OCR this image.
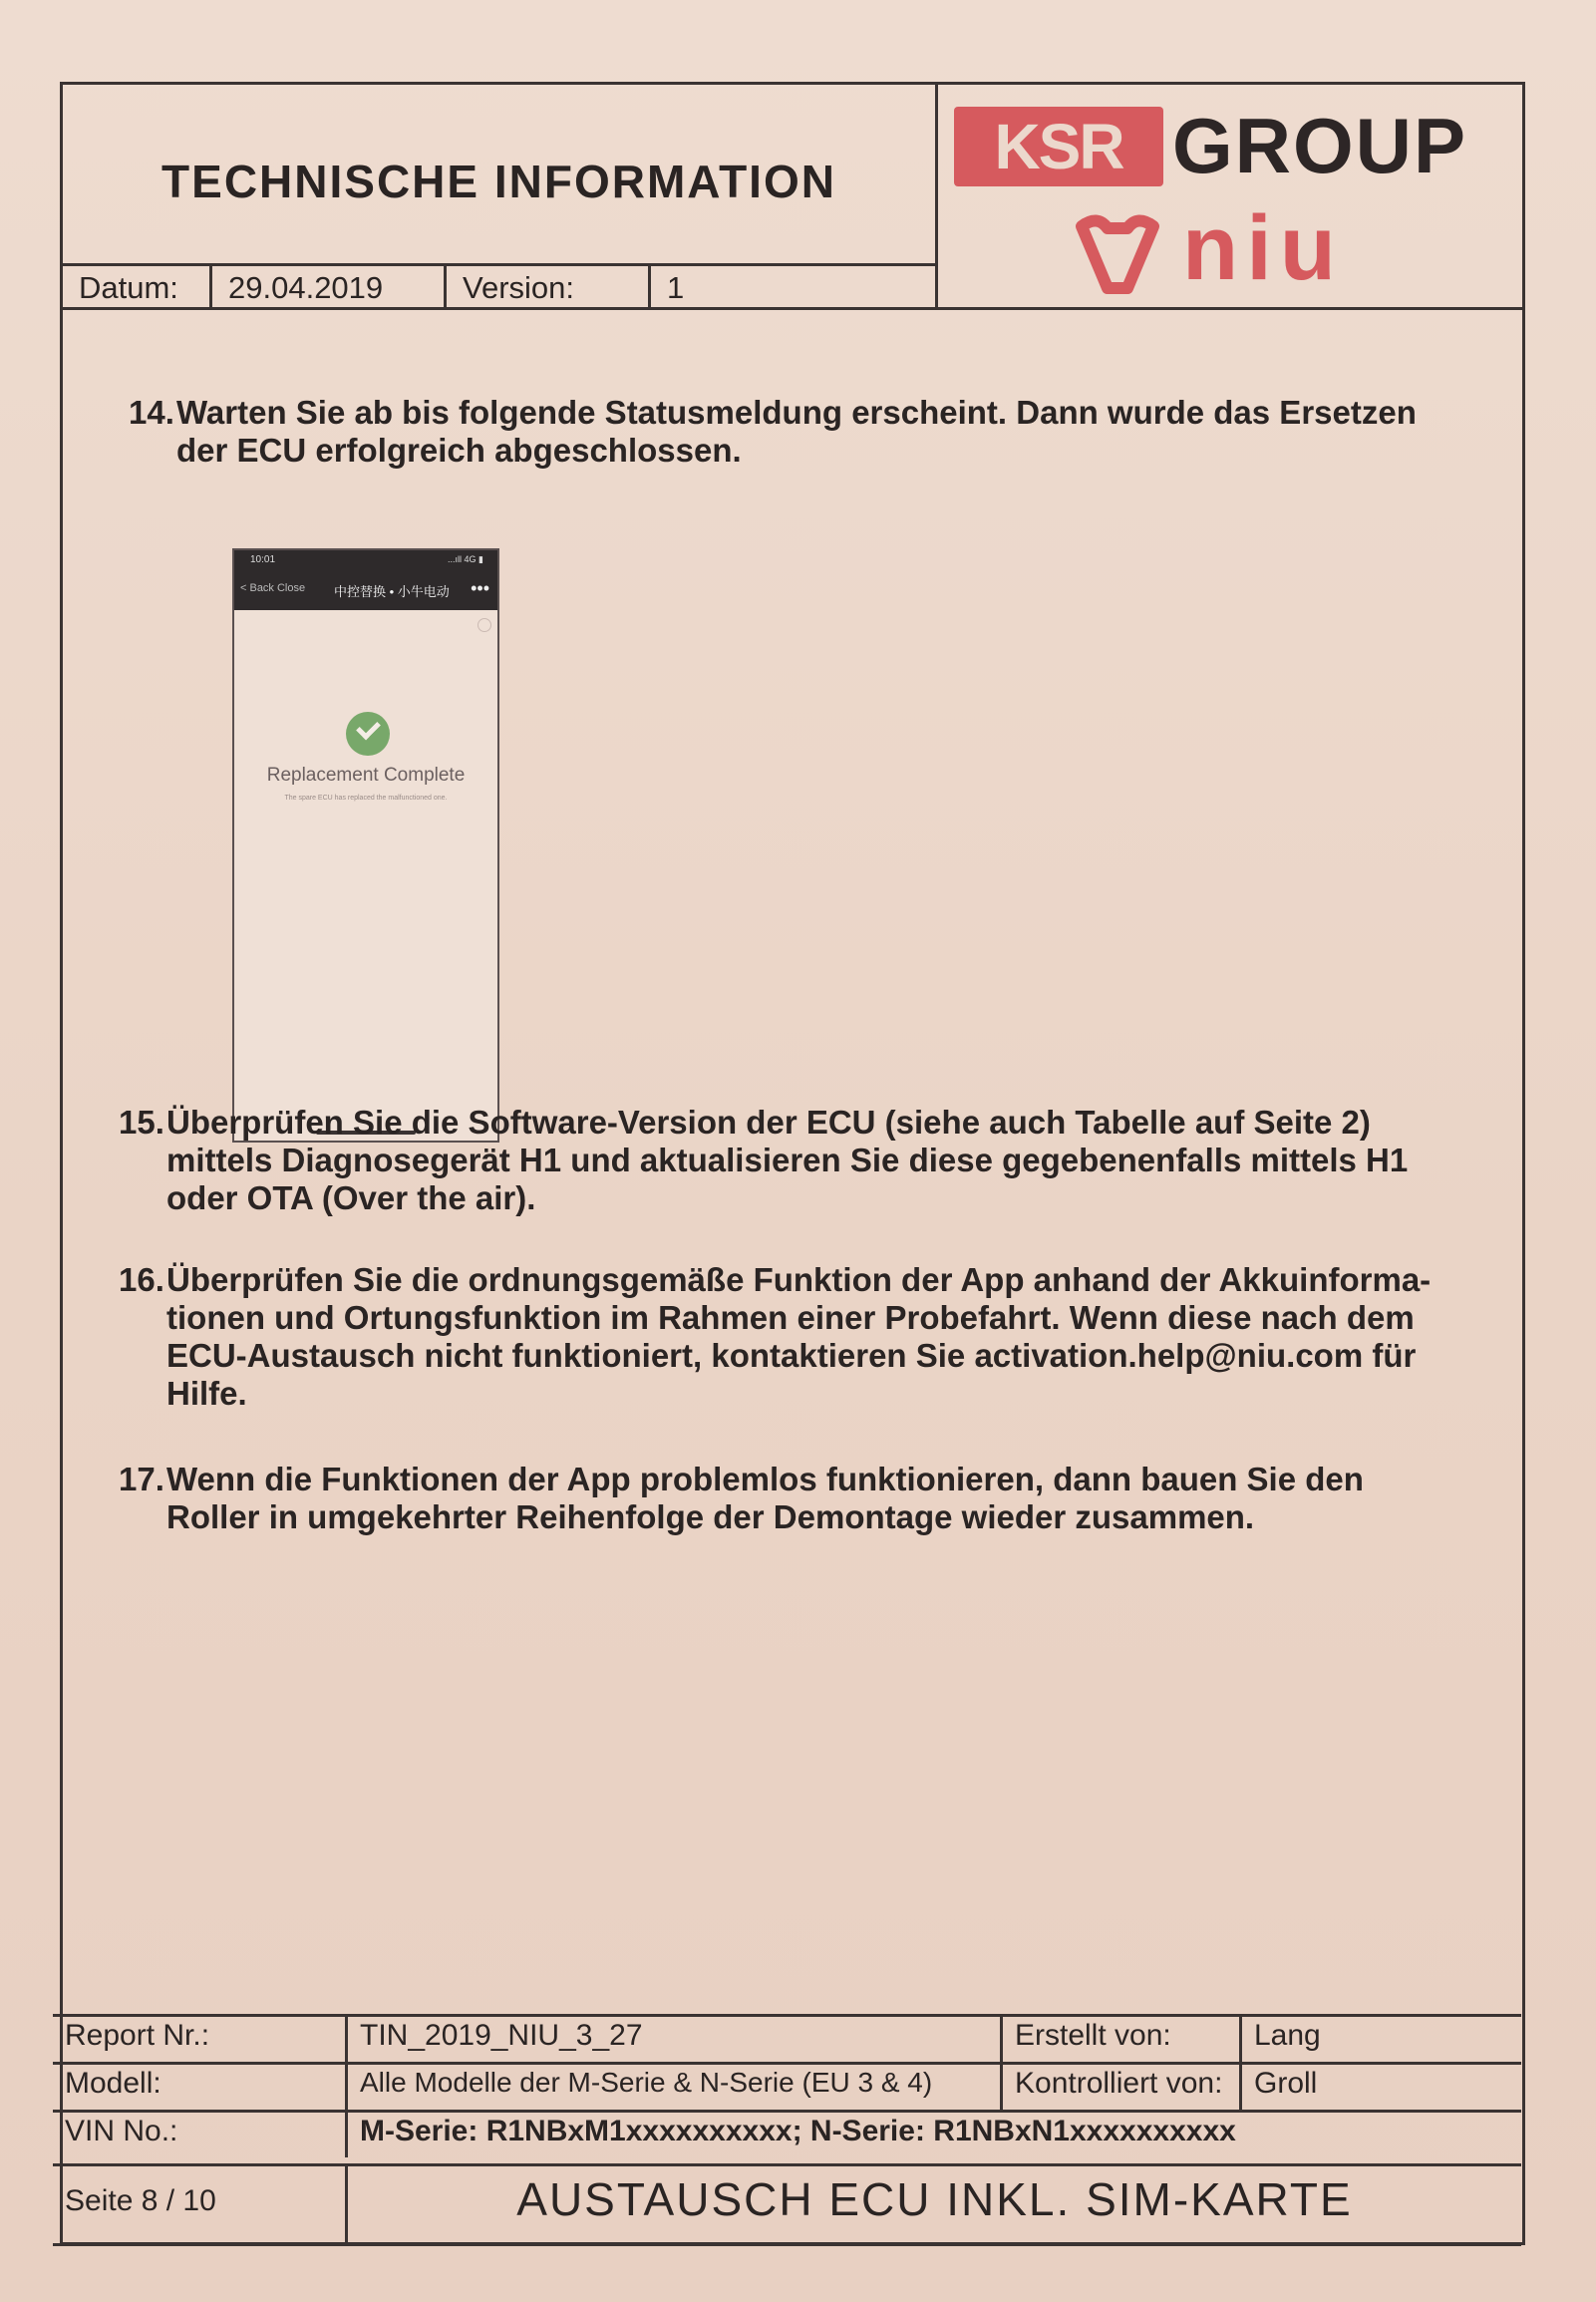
TECHNISCHE INFORMATION
Datum:	29.04.2019	Version:	1
KSR GROUP
niu
14. Warten Sie ab bis folgende Statusmeldung erscheint. Dann wurde das Ersetzen der ECU erfolgreich abgeschlossen.
10:01	...ıll 4G ▮
< Back Close 中控替换 • 小牛电动 •••
Replacement Complete
The spare ECU has replaced the malfunctioned one.
15. Überprüfen Sie die Software-Version der ECU (siehe auch Tabelle auf Seite 2) mittels Diagnosegerät H1 und aktualisieren Sie diese gegebenenfalls mittels H1 oder OTA (Over the air).
16. Überprüfen Sie die ordnungsgemäße Funktion der App anhand der Akkuinforma-tionen und Ortungsfunktion im Rahmen einer Probefahrt. Wenn diese nach dem ECU-Austausch nicht funktioniert, kontaktieren Sie activation.help@niu.com für Hilfe.
17. Wenn die Funktionen der App problemlos funktionieren, dann bauen Sie den Roller in umgekehrter Reihenfolge der Demontage wieder zusammen.
Report Nr.:	TIN_2019_NIU_3_27	Erstellt von:	Lang
Modell:	Alle Modelle der M-Serie & N-Serie (EU 3 & 4)	Kontrolliert von:	Groll
VIN No.:	M-Serie: R1NBxM1xxxxxxxxxx; N-Serie: R1NBxN1xxxxxxxxxx
Seite 8 / 10	AUSTAUSCH ECU INKL. SIM-KARTE
